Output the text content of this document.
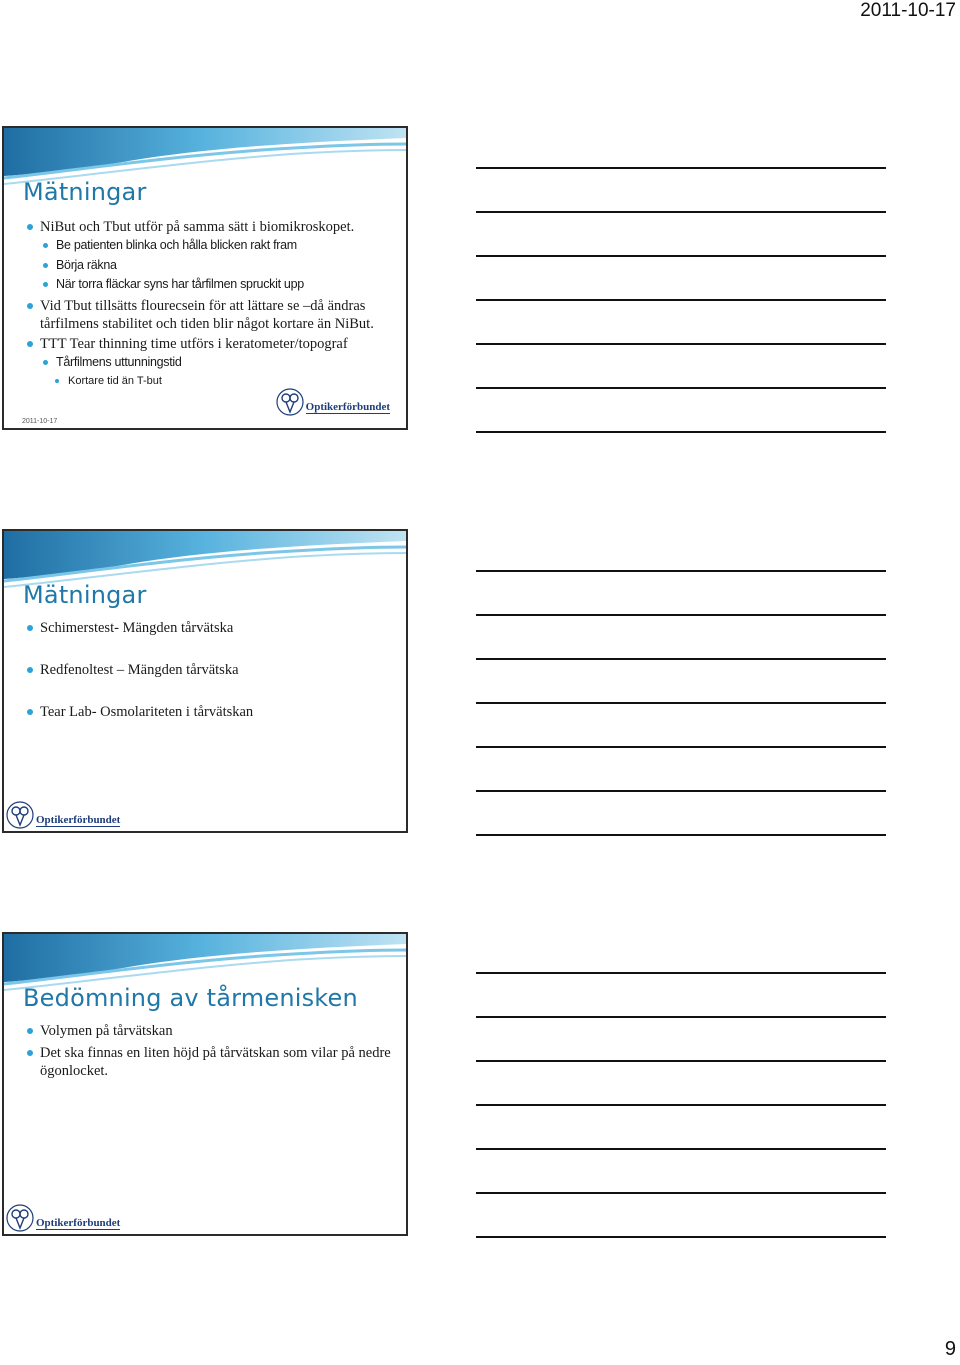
2011-10-17
Mätningar
NiBut och Tbut utför på samma sätt i biomikroskopet.
Be patienten blinka och hålla blicken rakt fram
Börja räkna
När torra fläckar syns har tårfilmen spruckit upp
Vid Tbut tillsätts flourecsein för att lättare se –då ändras tårfilmens stabilitet och tiden blir något kortare än NiBut.
TTT Tear thinning time utförs i keratometer/topograf
Tårfilmens uttunningstid
Kortare tid än T-but
2011-10-17
Optikerförbundet
Mätningar
Schimerstest- Mängden tårvätska
Redfenoltest – Mängden tårvätska
Tear Lab- Osmolariteten i tårvätskan
Optikerförbundet
Bedömning av tårmenisken
Volymen på tårvätskan
Det ska finnas en liten höjd på tårvätskan som vilar på nedre ögonlocket.
Optikerförbundet
9
